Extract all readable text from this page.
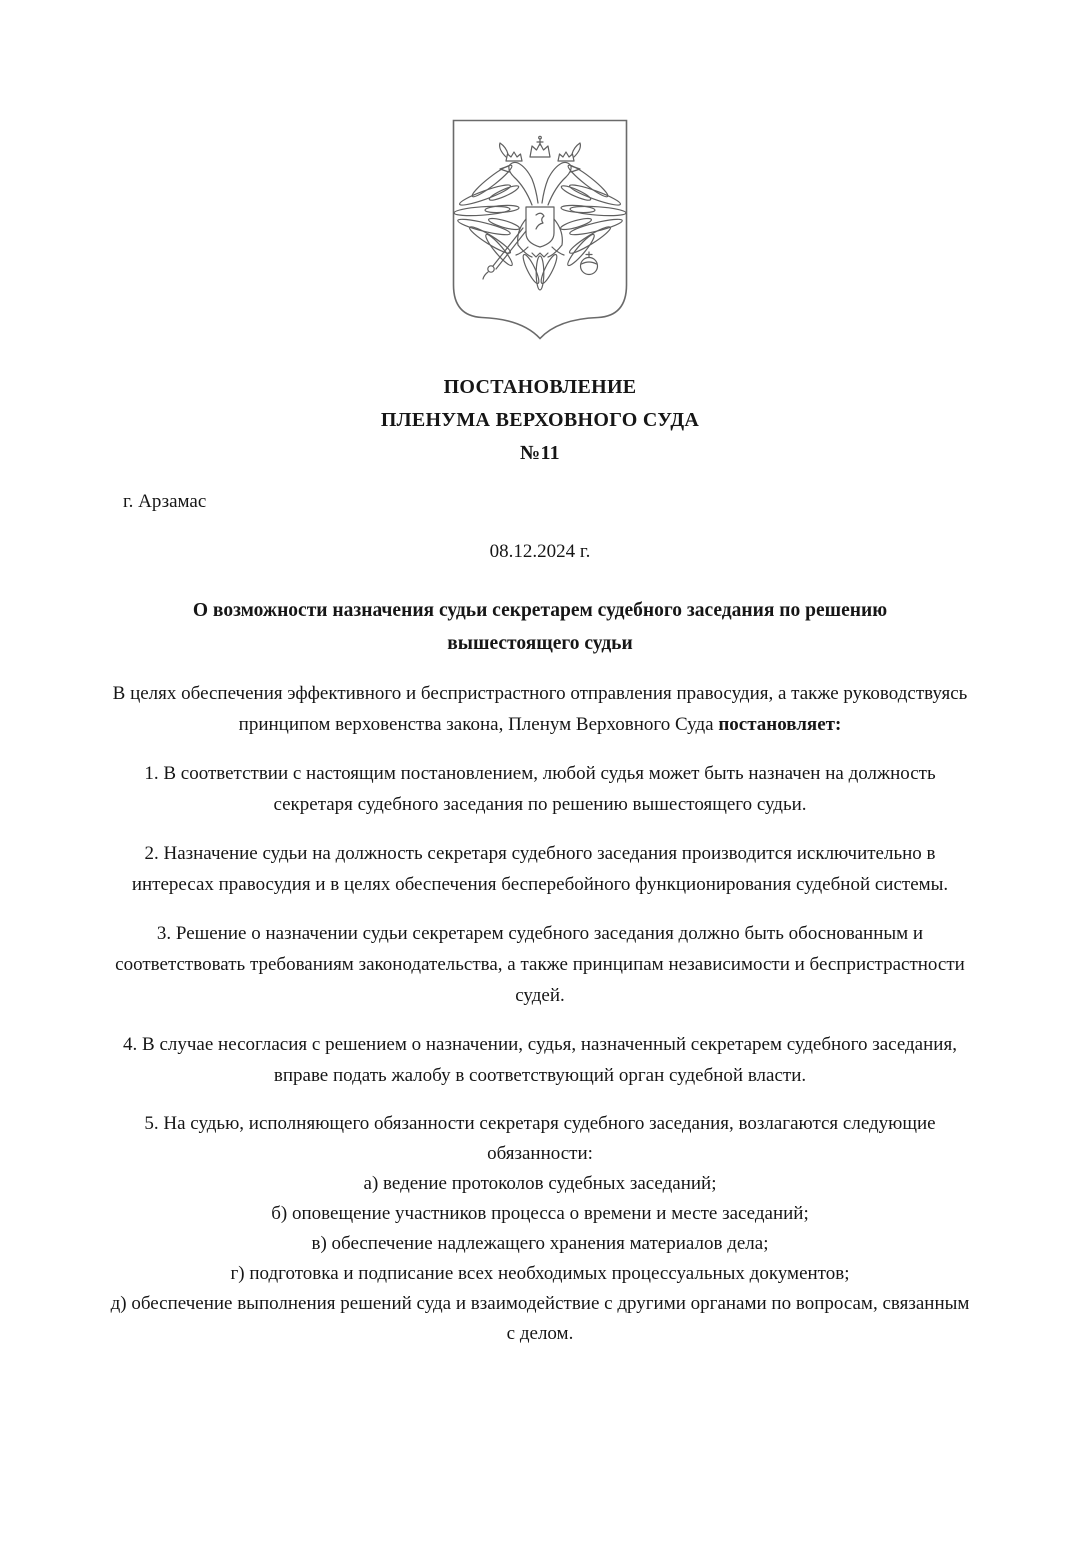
ПОСТАНОВЛЕНИЕ
ПЛЕНУМА ВЕРХОВНОГО СУДА
№11
г. Арзамас
08.12.2024 г.
О возможности назначения судьи секретарем судебного заседания по решению вышестоящего судьи
В целях обеспечения эффективного и беспристрастного отправления правосудия, а также руководствуясь принципом верховенства закона, Пленум Верховного Суда постановляет:
1. В соответствии с настоящим постановлением, любой судья может быть назначен на должность секретаря судебного заседания по решению вышестоящего судьи.
2. Назначение судьи на должность секретаря судебного заседания производится исключительно в интересах правосудия и в целях обеспечения бесперебойного функционирования судебной системы.
3. Решение о назначении судьи секретарем судебного заседания должно быть обоснованным и соответствовать требованиям законодательства, а также принципам независимости и беспристрастности судей.
4. В случае несогласия с решением о назначении, судья, назначенный секретарем судебного заседания, вправе подать жалобу в соответствующий орган судебной власти.
5. На судью, исполняющего обязанности секретаря судебного заседания, возлагаются следующие обязанности:
а) ведение протоколов судебных заседаний;
б) оповещение участников процесса о времени и месте заседаний;
в) обеспечение надлежащего хранения материалов дела;
г) подготовка и подписание всех необходимых процессуальных документов;
д) обеспечение выполнения решений суда и взаимодействие с другими органами по вопросам, связанным с делом.
